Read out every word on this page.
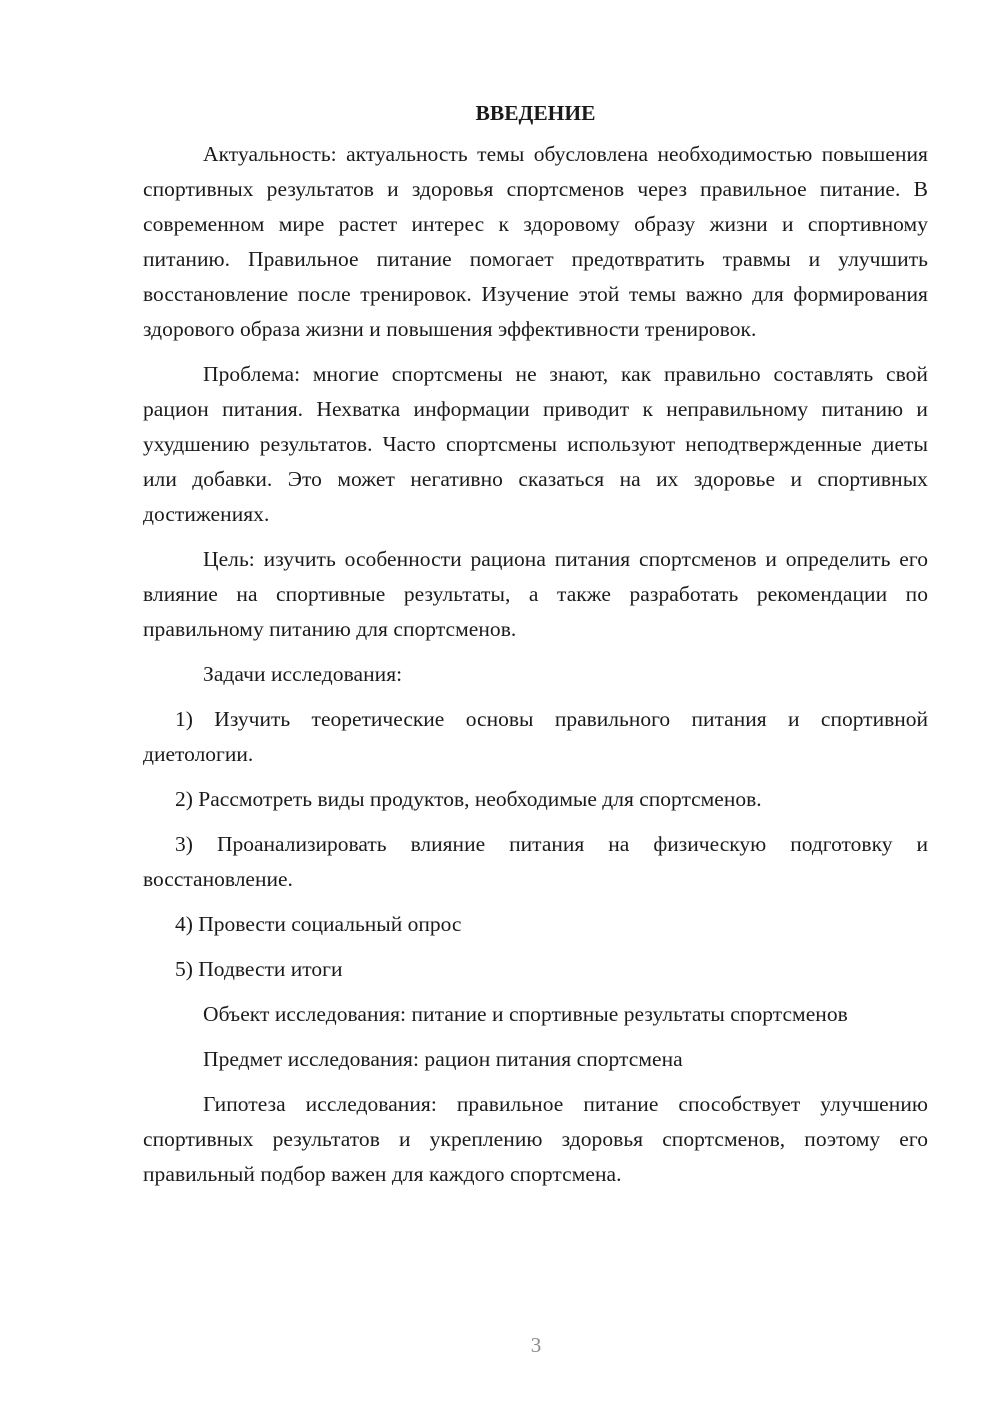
ВВЕДЕНИЕ

Актуальность: актуальность темы обусловлена необходимостью повышения спортивных результатов и здоровья спортсменов через правильное питание. В современном мире растет интерес к здоровому образу жизни и спортивному питанию. Правильное питание помогает предотвратить травмы и улучшить восстановление после тренировок. Изучение этой темы важно для формирования здорового образа жизни и повышения эффективности тренировок.

Проблема: многие спортсмены не знают, как правильно составлять свой рацион питания. Нехватка информации приводит к неправильному питанию и ухудшению результатов. Часто спортсмены используют неподтвержденные диеты или добавки. Это может негативно сказаться на их здоровье и спортивных достижениях.

Цель: изучить особенности рациона питания спортсменов и определить его влияние на спортивные результаты, а также разработать рекомендации по правильному питанию для спортсменов.

Задачи исследования:

1) Изучить теоретические основы правильного питания и спортивной диетологии.

2) Рассмотреть виды продуктов, необходимые для спортсменов.

3) Проанализировать влияние питания на физическую подготовку и восстановление.

4) Провести социальный опрос

5) Подвести итоги

Объект исследования: питание и спортивные результаты спортсменов

Предмет исследования: рацион питания спортсмена

Гипотеза исследования: правильное питание способствует улучшению спортивных результатов и укреплению здоровья спортсменов, поэтому его правильный подбор важен для каждого спортсмена.

3
